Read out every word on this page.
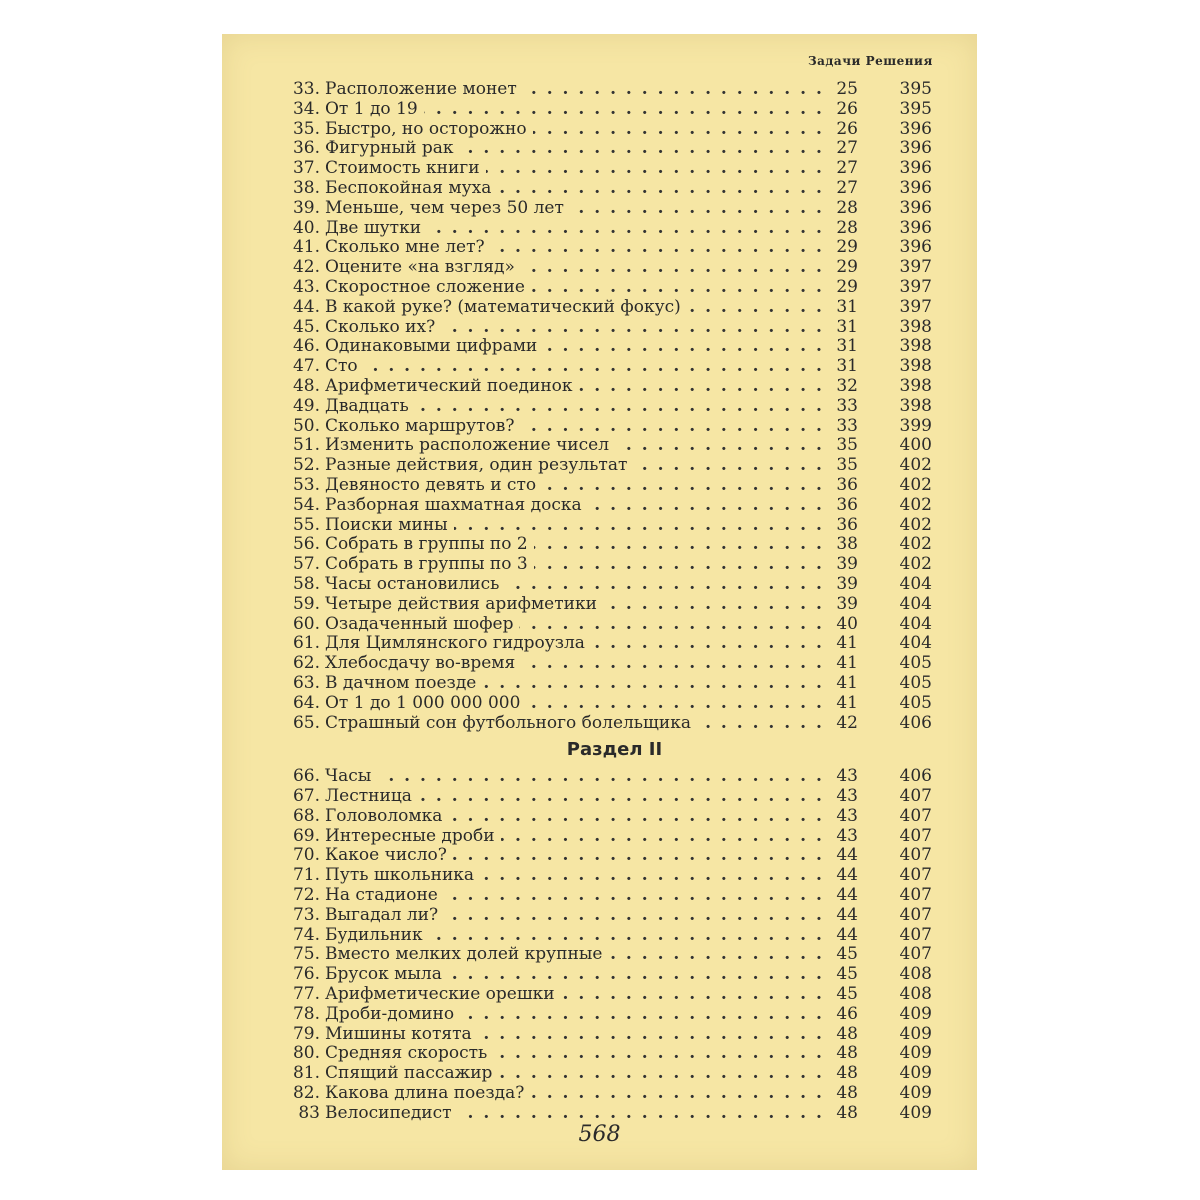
Задачи Решения
33. Расположение монет . . .	25 395
34. От 1 до 19 . . .	26 395
35. Быстро, но осторожно . . .	26 396
36. Фигурный рак . . .	27 396
37. Стоимость книги . . .	27 396
38. Беспокойная муха . . .	27 396
39. Меньше, чем через 50 лет . . .	28 396
40. Две шутки . . .	28 396
41. Сколько мне лет? . . .	29 396
42. Оцените «на взгляд» . . .	29 397
43. Скоростное сложение . . .	29 397
44. В какой руке? (математический фокус) . . .	31 397
45. Сколько их? . . .	31 398
46. Одинаковыми цифрами . . .	31 398
47. Сто . . .	31 398
48. Арифметический поединок . . .	32 398
49. Двадцать . . .	33 398
50. Сколько маршрутов? . . .	33 399
51. Изменить расположение чисел . . .	35 400
52. Разные действия, один результат . . .	35 402
53. Девяносто девять и сто . . .	36 402
54. Разборная шахматная доска . . .	36 402
55. Поиски мины . . .	36 402
56. Собрать в группы по 2 . . .	38 402
57. Собрать в группы по 3 . . .	39 402
58. Часы остановились . . .	39 404
59. Четыре действия арифметики . . .	39 404
60. Озадаченный шофер . . .	40 404
61. Для Цимлянского гидроузла . . .	41 404
62. Хлебосдачу во-время . . .	41 405
63. В дачном поезде . . .	41 405
64. От 1 до 1 000 000 000 . . .	41 405
65. Страшный сон футбольного болельщика . . .	42 406
Раздел II
66. Часы . . .	43 406
67. Лестница . . .	43 407
68. Головоломка . . .	43 407
69. Интересные дроби . . .	43 407
70. Какое число? . . .	44 407
71. Путь школьника . . .	44 407
72. На стадионе . . .	44 407
73. Выгадал ли? . . .	44 407
74. Будильник . . .	44 407
75. Вместо мелких долей крупные . . .	45 407
76. Брусок мыла . . .	45 408
77. Арифметические орешки . . .	45 408
78. Дроби-домино . . .	46 409
79. Мишины котята . . .	48 409
80. Средняя скорость . . .	48 409
81. Спящий пассажир . . .	48 409
82. Какова длина поезда? . . .	48 409
83 Велосипедист . . .	48 409
568
